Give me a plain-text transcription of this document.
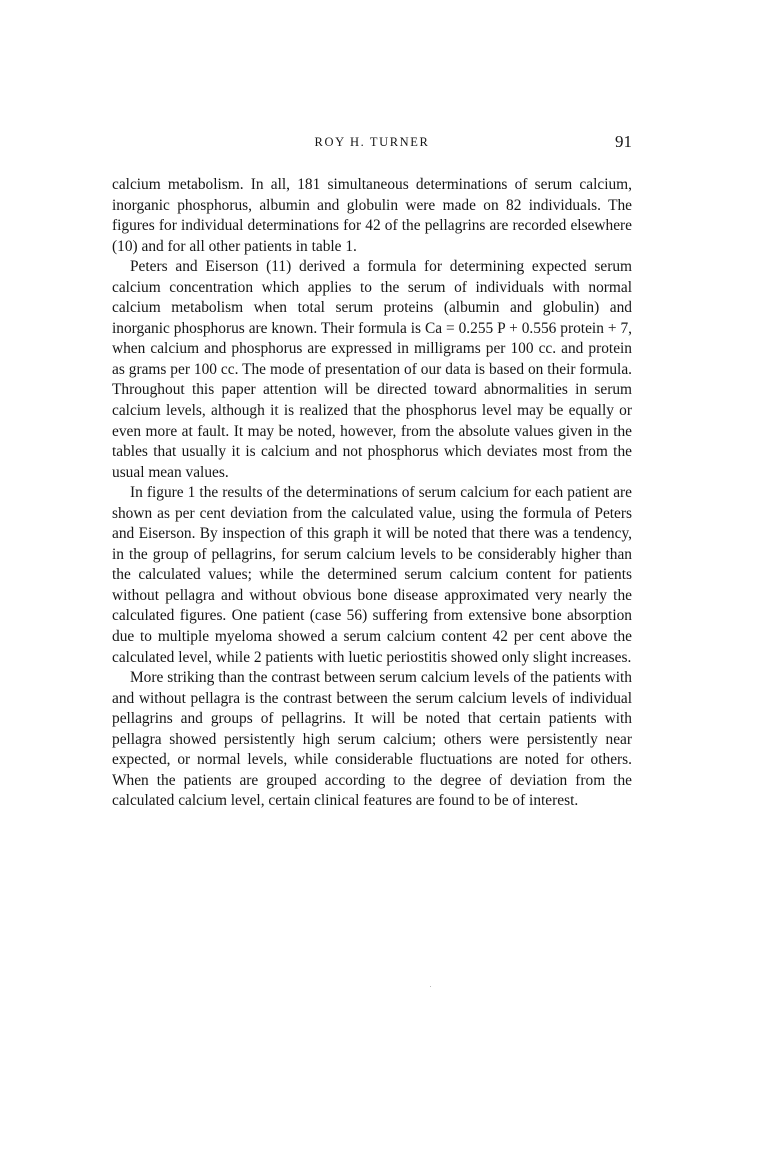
ROY H. TURNER	91

calcium metabolism. In all, 181 simultaneous determinations of serum calcium, inorganic phosphorus, albumin and globulin were made on 82 individuals. The figures for individual determinations for 42 of the pellagrins are recorded elsewhere (10) and for all other patients in table 1.

Peters and Eiserson (11) derived a formula for determining expected serum calcium concentration which applies to the serum of individuals with normal calcium metabolism when total serum proteins (albumin and globulin) and inorganic phosphorus are known. Their formula is Ca = 0.255 P + 0.556 protein + 7, when calcium and phosphorus are expressed in milligrams per 100 cc. and protein as grams per 100 cc. The mode of presentation of our data is based on their formula. Throughout this paper attention will be directed toward abnormalities in serum calcium levels, although it is realized that the phosphorus level may be equally or even more at fault. It may be noted, however, from the absolute values given in the tables that usually it is calcium and not phosphorus which deviates most from the usual mean values.

In figure 1 the results of the determinations of serum calcium for each patient are shown as per cent deviation from the calculated value, using the formula of Peters and Eiserson. By inspection of this graph it will be noted that there was a tendency, in the group of pellagrins, for serum calcium levels to be considerably higher than the calculated values; while the determined serum calcium content for patients without pellagra and without obvious bone disease approximated very nearly the calculated figures. One patient (case 56) suffering from extensive bone absorption due to multiple myeloma showed a serum calcium content 42 per cent above the calculated level, while 2 patients with luetic periostitis showed only slight increases.

More striking than the contrast between serum calcium levels of the patients with and without pellagra is the contrast between the serum calcium levels of individual pellagrins and groups of pellagrins. It will be noted that certain patients with pellagra showed persistently high serum calcium; others were persistently near expected, or normal levels, while considerable fluctuations are noted for others. When the patients are grouped according to the degree of deviation from the calculated calcium level, certain clinical features are found to be of interest.
